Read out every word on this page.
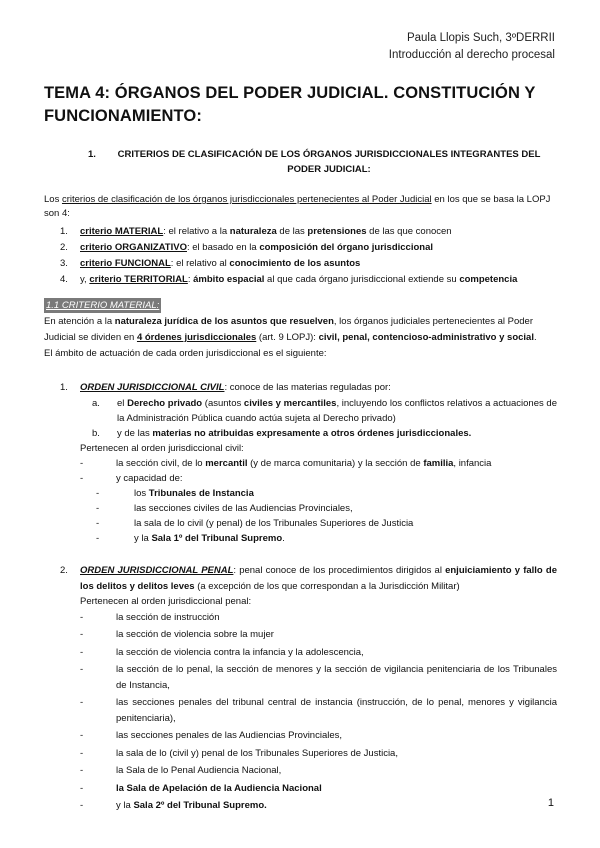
Paula Llopis Such, 3ºDERRII
Introducción al derecho procesal
TEMA 4: ÓRGANOS DEL PODER JUDICIAL. CONSTITUCIÓN Y FUNCIONAMIENTO:
1.	CRITERIOS DE CLASIFICACIÓN DE LOS ÓRGANOS JURISDICCIONALES INTEGRANTES DEL PODER JUDICIAL:
Los criterios de clasificación de los órganos jurisdiccionales pertenecientes al Poder Judicial en los que se basa la LOPJ son 4:
1. criterio MATERIAL: el relativo a la naturaleza de las pretensiones de las que conocen
2. criterio ORGANIZATIVO: el basado en la composición del órgano jurisdiccional
3. criterio FUNCIONAL: el relativo al conocimiento de los asuntos
4. y, criterio TERRITORIAL: ámbito espacial al que cada órgano jurisdiccional extiende su competencia
1.1 CRITERIO MATERIAL:
En atención a la naturaleza jurídica de los asuntos que resuelven, los órganos judiciales pertenecientes al Poder Judicial se dividen en 4 órdenes jurisdiccionales (art. 9 LOPJ): civil, penal, contencioso-administrativo y social.
El ámbito de actuación de cada orden jurisdiccional es el siguiente:
1. ORDEN JURISDICCIONAL CIVIL: conoce de las materias reguladas por:
a. el Derecho privado (asuntos civiles y mercantiles, incluyendo los conflictos relativos a actuaciones de la Administración Pública cuando actúa sujeta al Derecho privado)
b. y de las materias no atribuidas expresamente a otros órdenes jurisdiccionales.
Pertenecen al orden jurisdiccional civil:
-	la sección civil, de lo mercantil (y de marca comunitaria) y la sección de familia, infancia
-	y capacidad de:
-	los Tribunales de Instancia
-	las secciones civiles de las Audiencias Provinciales,
-	la sala de lo civil (y penal) de los Tribunales Superiores de Justicia
-	y la Sala 1º del Tribunal Supremo.
2. ORDEN JURISDICCIONAL PENAL: penal conoce de los procedimientos dirigidos al enjuiciamiento y fallo de los delitos y delitos leves (a excepción de los que correspondan a la Jurisdicción Militar)
Pertenecen al orden jurisdiccional penal:
-	la sección de instrucción
-	la sección de violencia sobre la mujer
-	la sección de violencia contra la infancia y la adolescencia,
-	la sección de lo penal, la sección de menores y la sección de vigilancia penitenciaria de los Tribunales de Instancia,
-	las secciones penales del tribunal central de instancia (instrucción, de lo penal, menores y vigilancia penitenciaria),
-	las secciones penales de las Audiencias Provinciales,
-	la sala de lo (civil y) penal de los Tribunales Superiores de Justicia,
-	la Sala de lo Penal Audiencia Nacional,
-	la Sala de Apelación de la Audiencia Nacional
-	y la Sala 2º del Tribunal Supremo.	1
